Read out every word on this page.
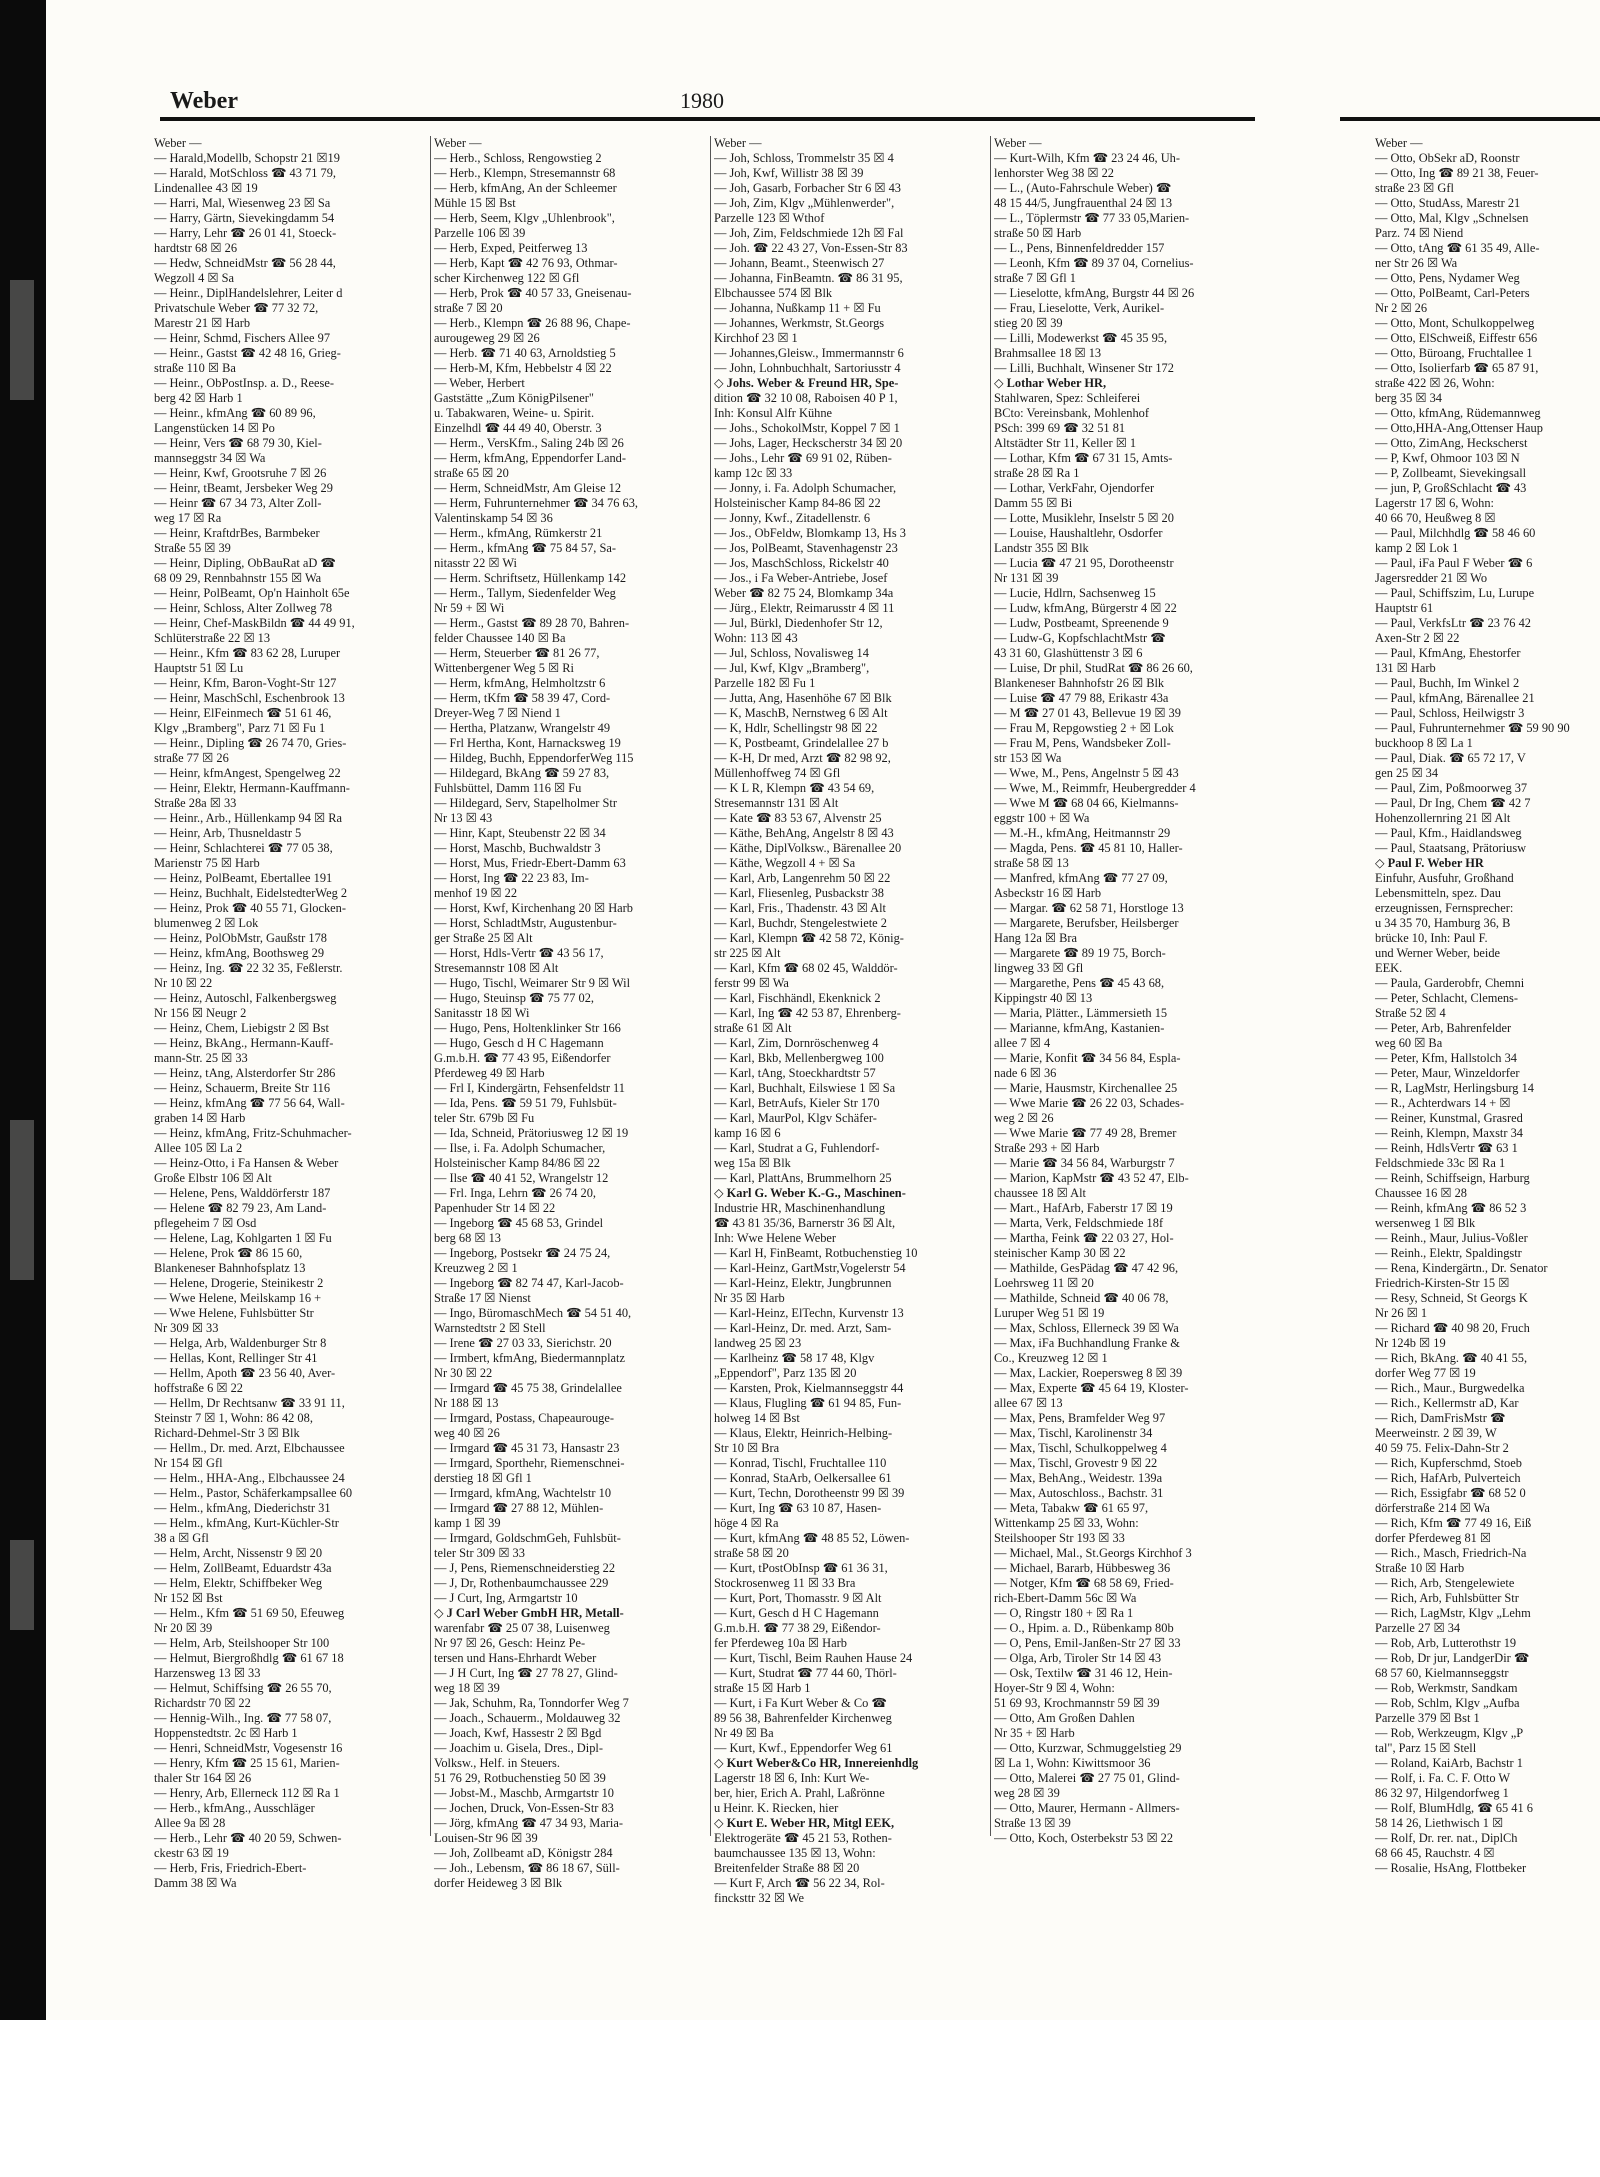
Weber	1980
Weber —
— Harald,Modellb, Schopstr 21 ☒19
— Harald, MotSchloss ☎ 43 71 79,
Lindenallee 43 ☒ 19
— Harri, Mal, Wiesenweg 23 ☒ Sa
— Harry, Gärtn, Sievekingdamm 54
— Harry, Lehr ☎ 26 01 41, Stoeck-
hardtstr 68 ☒ 26
— Hedw, SchneidMstr ☎ 56 28 44,
Wegzoll 4 ☒ Sa
— Heinr., DiplHandelslehrer, Leiter d
Privatschule Weber ☎ 77 32 72,
Marestr 21 ☒ Harb
— Heinr, Schmd, Fischers Allee 97
— Heinr., Gastst ☎ 42 48 16, Grieg-
straße 110 ☒ Ba
— Heinr., ObPostInsp. a. D., Reese-
berg 42 ☒ Harb 1
— Heinr., kfmAng ☎ 60 89 96,
Langenstücken 14 ☒ Po
— Heinr, Vers ☎ 68 79 30, Kiel-
mannseggstr 34 ☒ Wa
— Heinr, Kwf, Grootsruhe 7 ☒ 26
— Heinr, tBeamt, Jersbeker Weg 29
— Heinr ☎ 67 34 73, Alter Zoll-
weg 17 ☒ Ra
— Heinr, KraftdrBes, Barmbeker
Straße 55 ☒ 39
— Heinr, Dipling, ObBauRat aD ☎
68 09 29, Rennbahnstr 155 ☒ Wa
— Heinr, PolBeamt, Op'n Hainholt 65e
— Heinr, Schloss, Alter Zollweg 78
— Heinr, Chef-MaskBildn ☎ 44 49 91,
Schlüterstraße 22 ☒ 13
— Heinr., Kfm ☎ 83 62 28, Luruper
Hauptstr 51 ☒ Lu
— Heinr, Kfm, Baron-Voght-Str 127
— Heinr, MaschSchl, Eschenbrook 13
— Heinr, ElFeinmech ☎ 51 61 46,
Klgv „Bramberg", Parz 71 ☒ Fu 1
— Heinr., Dipling ☎ 26 74 70, Gries-
straße 77 ☒ 26
— Heinr, kfmAngest, Spengelweg 22
— Heinr, Elektr, Hermann-Kauffmann-
Straße 28a ☒ 33
— Heinr., Arb., Hüllenkamp 94 ☒ Ra
— Heinr, Arb, Thusneldastr 5
— Heinr, Schlachterei ☎ 77 05 38,
Marienstr 75 ☒ Harb
— Heinz, PolBeamt, Ebertallee 191
— Heinz, Buchhalt, EidelstedterWeg 2
— Heinz, Prok ☎ 40 55 71, Glocken-
blumenweg 2 ☒ Lok
— Heinz, PolObMstr, Gaußstr 178
— Heinz, kfmAng, Boothsweg 29
— Heinz, Ing. ☎ 22 32 35, Feßlerstr.
Nr 10 ☒ 22
— Heinz, Autoschl, Falkenbergsweg
Nr 156 ☒ Neugr 2
— Heinz, Chem, Liebigstr 2 ☒ Bst
— Heinz, BkAng., Hermann-Kauff-
mann-Str. 25 ☒ 33
— Heinz, tAng, Alsterdorfer Str 286
— Heinz, Schauerm, Breite Str 116
— Heinz, kfmAng ☎ 77 56 64, Wall-
graben 14 ☒ Harb
— Heinz, kfmAng, Fritz-Schuhmacher-
Allee 105 ☒ La 2
— Heinz-Otto, i Fa Hansen & Weber
Große Elbstr 106 ☒ Alt
— Helene, Pens, Walddörferstr 187
— Helene ☎ 82 79 23, Am Land-
pflegeheim 7 ☒ Osd
— Helene, Lag, Kohlgarten 1 ☒ Fu
— Helene, Prok ☎ 86 15 60,
Blankeneser Bahnhofsplatz 13
— Helene, Drogerie, Steinikestr 2
— Wwe Helene, Meilskamp 16 +
— Wwe Helene, Fuhlsbütter Str
Nr 309 ☒ 33
— Helga, Arb, Waldenburger Str 8
— Hellas, Kont, Rellinger Str 41
— Hellm, Apoth ☎ 23 56 40, Aver-
hoffstraße 6 ☒ 22
— Hellm, Dr Rechtsanw ☎ 33 91 11,
Steinstr 7 ☒ 1, Wohn: 86 42 08,
Richard-Dehmel-Str 3 ☒ Blk
— Hellm., Dr. med. Arzt, Elbchaussee
Nr 154 ☒ Gfl
— Helm., HHA-Ang., Elbchaussee 24
— Helm., Pastor, Schäferkampsallee 60
— Helm., kfmAng, Diederichstr 31
— Helm., kfmAng, Kurt-Küchler-Str
38 a ☒ Gfl
— Helm, Archt, Nissenstr 9 ☒ 20
— Helm, ZollBeamt, Eduardstr 43a
— Helm, Elektr, Schiffbeker Weg
Nr 152 ☒ Bst
— Helm., Kfm ☎ 51 69 50, Efeuweg
Nr 20 ☒ 39
— Helm, Arb, Steilshooper Str 100
— Helmut, Biergroßhdlg ☎ 61 67 18
Harzensweg 13 ☒ 33
— Helmut, Schiffsing ☎ 26 55 70,
Richardstr 70 ☒ 22
— Hennig-Wilh., Ing. ☎ 77 58 07,
Hoppenstedtstr. 2c ☒ Harb 1
— Henri, SchneidMstr, Vogesenstr 16
— Henry, Kfm ☎ 25 15 61, Marien-
thaler Str 164 ☒ 26
— Henry, Arb, Ellerneck 112 ☒ Ra 1
— Herb., kfmAng., Ausschläger
Allee 9a ☒ 28
— Herb., Lehr ☎ 40 20 59, Schwen-
ckestr 63 ☒ 19
— Herb, Fris, Friedrich-Ebert-
Damm 38 ☒ Wa
Weber —
— Herb., Schloss, Rengowstieg 2
— Herb., Klempn, Stresemannstr 68
— Herb, kfmAng, An der Schleemer
Mühle 15 ☒ Bst
— Herb, Seem, Klgv „Uhlenbrook",
Parzelle 106 ☒ 39
— Herb, Exped, Peitferweg 13
— Herb, Kapt ☎ 42 76 93, Othmar-
scher Kirchenweg 122 ☒ Gfl
— Herb, Prok ☎ 40 57 33, Gneisenau-
straße 7 ☒ 20
— Herb., Klempn ☎ 26 88 96, Chape-
aurougeweg 29 ☒ 26
— Herb. ☎ 71 40 63, Arnoldstieg 5
— Herb-M, Kfm, Hebbelstr 4 ☒ 22
— Weber, Herbert
Gaststätte „Zum KönigPilsener"
u. Tabakwaren, Weine- u. Spirit.
Einzelhdl ☎ 44 49 40, Oberstr. 3
— Herm., VersKfm., Saling 24b ☒ 26
— Herm, kfmAng, Eppendorfer Land-
straße 65 ☒ 20
— Herm, SchneidMstr, Am Gleise 12
— Herm, Fuhrunternehmer ☎ 34 76 63,
Valentinskamp 54 ☒ 36
— Herm., kfmAng, Rümkerstr 21
— Herm., kfmAng ☎ 75 84 57, Sa-
nitasstr 22 ☒ Wi
— Herm. Schriftsetz, Hüllenkamp 142
— Herm., Tallym, Siedenfelder Weg
Nr 59 + ☒ Wi
— Herm., Gastst ☎ 89 28 70, Bahren-
felder Chaussee 140 ☒ Ba
— Herm, Steuerber ☎ 81 26 77,
Wittenbergener Weg 5 ☒ Ri
— Herm, kfmAng, Helmholtzstr 6
— Herm, tKfm ☎ 58 39 47, Cord-
Dreyer-Weg 7 ☒ Niend 1
— Hertha, Platzanw, Wrangelstr 49
— Frl Hertha, Kont, Harnacksweg 19
— Hildeg, Buchh, EppendorferWeg 115
— Hildegard, BkAng ☎ 59 27 83,
Fuhlsbüttel, Damm 116 ☒ Fu
— Hildegard, Serv, Stapelholmer Str
Nr 13 ☒ 43
— Hinr, Kapt, Steubenstr 22 ☒ 34
— Horst, Maschb, Buchwaldstr 3
— Horst, Mus, Friedr-Ebert-Damm 63
— Horst, Ing ☎ 22 23 83, Im-
menhof 19 ☒ 22
— Horst, Kwf, Kirchenhang 20 ☒ Harb
— Horst, SchladtMstr, Augustenbur-
ger Straße 25 ☒ Alt
— Horst, Hdls-Vertr ☎ 43 56 17,
Stresemannstr 108 ☒ Alt
— Hugo, Tischl, Weimarer Str 9 ☒ Wil
— Hugo, Steuinsp ☎ 75 77 02,
Sanitasstr 18 ☒ Wi
— Hugo, Pens, Holtenklinker Str 166
— Hugo, Gesch d H C Hagemann
G.m.b.H. ☎ 77 43 95, Eißendorfer
Pferdeweg 49 ☒ Harb
— Frl I, Kindergärtn, Fehsenfeldstr 11
— Ida, Pens. ☎ 59 51 79, Fuhlsbüt-
teler Str. 679b ☒ Fu
— Ida, Schneid, Prätoriusweg 12 ☒ 19
— Ilse, i. Fa. Adolph Schumacher,
Holsteinischer Kamp 84/86 ☒ 22
— Ilse ☎ 40 41 52, Wrangelstr 12
— Frl. Inga, Lehrn ☎ 26 74 20,
Papenhuder Str 14 ☒ 22
— Ingeborg ☎ 45 68 53, Grindel
berg 68 ☒ 13
— Ingeborg, Postsekr ☎ 24 75 24,
Kreuzweg 2 ☒ 1
— Ingeborg ☎ 82 74 47, Karl-Jacob-
Straße 17 ☒ Nienst
— Ingo, BüromaschMech ☎ 54 51 40,
Warnstedtstr 2 ☒ Stell
— Irene ☎ 27 03 33, Sierichstr. 20
— Irmbert, kfmAng, Biedermannplatz
Nr 30 ☒ 22
— Irmgard ☎ 45 75 38, Grindelallee
Nr 188 ☒ 13
— Irmgard, Postass, Chapeaurouge-
weg 40 ☒ 26
— Irmgard ☎ 45 31 73, Hansastr 23
— Irmgard, Sporthehr, Riemenschnei-
derstieg 18 ☒ Gfl 1
— Irmgard, kfmAng, Wachtelstr 10
— Irmgard ☎ 27 88 12, Mühlen-
kamp 1 ☒ 39
— Irmgard, GoldschmGeh, Fuhlsbüt-
teler Str 309 ☒ 33
— J, Pens, Riemenschneiderstieg 22
— J, Dr, Rothenbaumchaussee 229
— J Curt, Ing, Armgartstr 10
◇ J Carl Weber GmbH HR, Metall-
warenfabr ☎ 25 07 38, Luisenweg
Nr 97 ☒ 26, Gesch: Heinz Pe-
tersen und Hans-Ehrhardt Weber
— J H Curt, Ing ☎ 27 78 27, Glind-
weg 18 ☒ 39
— Jak, Schuhm, Ra, Tonndorfer Weg 7
— Joach., Schauerm., Moldauweg 32
— Joach, Kwf, Hassestr 2 ☒ Bgd
— Joachim u. Gisela, Dres., Dipl-
Volksw., Helf. in Steuers.
51 76 29, Rotbuchenstieg 50 ☒ 39
— Jobst-M., Maschb, Armgartstr 10
— Jochen, Druck, Von-Essen-Str 83
— Jörg, kfmAng ☎ 47 34 93, Maria-
Louisen-Str 96 ☒ 39
— Joh, Zollbeamt aD, Königstr 284
— Joh., Lebensm, ☎ 86 18 67, Süll-
dorfer Heideweg 3 ☒ Blk
Weber —
— Joh, Schloss, Trommelstr 35 ☒ 4
— Joh, Kwf, Willistr 38 ☒ 39
— Joh, Gasarb, Forbacher Str 6 ☒ 43
— Joh, Zim, Klgv „Mühlenwerder",
Parzelle 123 ☒ Wthof
— Joh, Zim, Feldschmiede 12h ☒ Fal
— Joh. ☎ 22 43 27, Von-Essen-Str 83
— Johann, Beamt., Steenwisch 27
— Johanna, FinBeamtn. ☎ 86 31 95,
Elbchaussee 574 ☒ Blk
— Johanna, Nußkamp 11 + ☒ Fu
— Johannes, Werkmstr, St.Georgs
Kirchhof 23 ☒ 1
— Johannes,Gleisw., Immermannstr 6
— John, Lohnbuchhalt, Sartoriusstr 4
◇ Johs. Weber & Freund HR, Spe-
dition ☎ 32 10 08, Raboisen 40 P 1,
Inh: Konsul Alfr Kühne
— Johs., SchokolMstr, Koppel 7 ☒ 1
— Johs, Lager, Heckscherstr 34 ☒ 20
— Johs., Lehr ☎ 69 91 02, Rüben-
kamp 12c ☒ 33
— Jonny, i. Fa. Adolph Schumacher,
Holsteinischer Kamp 84-86 ☒ 22
— Jonny, Kwf., Zitadellenstr. 6
— Jos., ObFeldw, Blomkamp 13, Hs 3
— Jos, PolBeamt, Stavenhagenstr 23
— Jos, MaschSchloss, Rickelstr 40
— Jos., i Fa Weber-Antriebe, Josef
Weber ☎ 82 75 24, Blomkamp 34a
— Jürg., Elektr, Reimarusstr 4 ☒ 11
— Jul, Bürkl, Diedenhofer Str 12,
Wohn: 113 ☒ 43
— Jul, Schloss, Novalisweg 14
— Jul, Kwf, Klgv „Bramberg",
Parzelle 182 ☒ Fu 1
— Jutta, Ang, Hasenhöhe 67 ☒ Blk
— K, MaschB, Nernstweg 6 ☒ Alt
— K, Hdlr, Schellingstr 98 ☒ 22
— K, Postbeamt, Grindelallee 27 b
— K-H, Dr med, Arzt ☎ 82 98 92,
Müllenhoffweg 74 ☒ Gfl
— K L R, Klempn ☎ 43 54 69,
Stresemannstr 131 ☒ Alt
— Kate ☎ 83 53 67, Alvenstr 25
— Käthe, BehAng, Angelstr 8 ☒ 43
— Käthe, DiplVolksw., Bärenallee 20
— Käthe, Wegzoll 4 + ☒ Sa
— Karl, Arb, Langenrehm 50 ☒ 22
— Karl, Fliesenleg, Pusbackstr 38
— Karl, Fris., Thadenstr. 43 ☒ Alt
— Karl, Buchdr, Stengelestwiete 2
— Karl, Klempn ☎ 42 58 72, König-
str 225 ☒ Alt
— Karl, Kfm ☎ 68 02 45, Walddör-
ferstr 99 ☒ Wa
— Karl, Fischhändl, Ekenknick 2
— Karl, Ing ☎ 42 53 87, Ehrenberg-
straße 61 ☒ Alt
— Karl, Zim, Dornröschenweg 4
— Karl, Bkb, Mellenbergweg 100
— Karl, tAng, Stoeckhardtstr 57
— Karl, Buchhalt, Eilswiese 1 ☒ Sa
— Karl, BetrAufs, Kieler Str 170
— Karl, MaurPol, Klgv Schäfer-
kamp 16 ☒ 6
— Karl, Studrat a G, Fuhlendorf-
weg 15a ☒ Blk
— Karl, PlattAns, Brummelhorn 25
◇ Karl G. Weber K.-G., Maschinen-
Industrie HR, Maschinenhandlung
☎ 43 81 35/36, Barnerstr 36 ☒ Alt,
Inh: Wwe Helene Weber
— Karl H, FinBeamt, Rotbuchenstieg 10
— Karl-Heinz, GartMstr,Vogelerstr 54
— Karl-Heinz, Elektr, Jungbrunnen
Nr 35 ☒ Harb
— Karl-Heinz, ElTechn, Kurvenstr 13
— Karl-Heinz, Dr. med. Arzt, Sam-
landweg 25 ☒ 23
— Karlheinz ☎ 58 17 48, Klgv
„Eppendorf", Parz 135 ☒ 20
— Karsten, Prok, Kielmannseggstr 44
— Klaus, Flugling ☎ 61 94 85, Fun-
holweg 14 ☒ Bst
— Klaus, Elektr, Heinrich-Helbing-
Str 10 ☒ Bra
— Konrad, Tischl, Fruchtallee 110
— Konrad, StaArb, Oelkersallee 61
— Kurt, Techn, Dorotheenstr 99 ☒ 39
— Kurt, Ing ☎ 63 10 87, Hasen-
höge 4 ☒ Ra
— Kurt, kfmAng ☎ 48 85 52, Löwen-
straße 58 ☒ 20
— Kurt, tPostObInsp ☎ 61 36 31,
Stockrosenweg 11 ☒ 33 Bra
— Kurt, Port, Thomasstr. 9 ☒ Alt
— Kurt, Gesch d H C Hagemann
G.m.b.H. ☎ 77 38 29, Eißendor-
fer Pferdeweg 10a ☒ Harb
— Kurt, Tischl, Beim Rauhen Hause 24
— Kurt, Studrat ☎ 77 44 60, Thörl-
straße 15 ☒ Harb 1
— Kurt, i Fa Kurt Weber & Co ☎
89 56 38, Bahrenfelder Kirchenweg
Nr 49 ☒ Ba
— Kurt, Kwf., Eppendorfer Weg 61
◇ Kurt Weber&Co HR, Innereienhdlg
Lagerstr 18 ☒ 6, Inh: Kurt We-
ber, hier, Erich A. Prahl, Laßrönne
u Heinr. K. Riecken, hier
◇ Kurt E. Weber HR, Mitgl EEK,
Elektrogeräte ☎ 45 21 53, Rothen-
baumchaussee 135 ☒ 13, Wohn:
Breitenfelder Straße 88 ☒ 20
— Kurt F, Arch ☎ 56 22 34, Rol-
fincksttr 32 ☒ We
Weber —
— Kurt-Wilh, Kfm ☎ 23 24 46, Uh-
lenhorster Weg 38 ☒ 22
— L., (Auto-Fahrschule Weber) ☎
48 15 44/5, Jungfrauenthal 24 ☒ 13
— L., Töplermstr ☎ 77 33 05,Marien-
straße 50 ☒ Harb
— L., Pens, Binnenfeldredder 157
— Leonh, Kfm ☎ 89 37 04, Cornelius-
straße 7 ☒ Gfl 1
— Lieselotte, kfmAng, Burgstr 44 ☒ 26
— Frau, Lieselotte, Verk, Aurikel-
stieg 20 ☒ 39
— Lilli, Modewerkst ☎ 45 35 95,
Brahmsallee 18 ☒ 13
— Lilli, Buchhalt, Winsener Str 172
◇ Lothar Weber HR,
Stahlwaren, Spez: Schleiferei
BCto: Vereinsbank, Mohlenhof
PSch: 399 69 ☎ 32 51 81
Altstädter Str 11, Keller ☒ 1
— Lothar, Kfm ☎ 67 31 15, Amts-
straße 28 ☒ Ra 1
— Lothar, VerkFahr, Ojendorfer
Damm 55 ☒ Bi
— Lotte, Musiklehr, Inselstr 5 ☒ 20
— Louise, Haushaltlehr, Osdorfer
Landstr 355 ☒ Blk
— Lucia ☎ 47 21 95, Dorotheenstr
Nr 131 ☒ 39
— Lucie, Hdlrn, Sachsenweg 15
— Ludw, kfmAng, Bürgerstr 4 ☒ 22
— Ludw, Postbeamt, Spreenende 9
— Ludw-G, KopfschlachtMstr ☎
43 31 60, Glashüttenstr 3 ☒ 6
— Luise, Dr phil, StudRat ☎ 86 26 60,
Blankeneser Bahnhofstr 26 ☒ Blk
— Luise ☎ 47 79 88, Erikastr 43a
— M ☎ 27 01 43, Bellevue 19 ☒ 39
— Frau M, Repgowstieg 2 + ☒ Lok
— Frau M, Pens, Wandsbeker Zoll-
str 153 ☒ Wa
— Wwe, M., Pens, Angelnstr 5 ☒ 43
— Wwe, M., Reimmfr, Heubergredder 4
— Wwe M ☎ 68 04 66, Kielmanns-
eggstr 100 + ☒ Wa
— M.-H., kfmAng, Heitmannstr 29
— Magda, Pens. ☎ 45 81 10, Haller-
straße 58 ☒ 13
— Manfred, kfmAng ☎ 77 27 09,
Asbeckstr 16 ☒ Harb
— Margar. ☎ 62 58 71, Horstloge 13
— Margarete, Berufsber, Heilsberger
Hang 12a ☒ Bra
— Margarete ☎ 89 19 75, Borch-
lingweg 33 ☒ Gfl
— Margarethe, Pens ☎ 45 43 68,
Kippingstr 40 ☒ 13
— Maria, Plätter., Lämmersieth 15
— Marianne, kfmAng, Kastanien-
allee 7 ☒ 4
— Marie, Konfit ☎ 34 56 84, Espla-
nade 6 ☒ 36
— Marie, Hausmstr, Kirchenallee 25
— Wwe Marie ☎ 26 22 03, Schades-
weg 2 ☒ 26
— Wwe Marie ☎ 77 49 28, Bremer
Straße 293 + ☒ Harb
— Marie ☎ 34 56 84, Warburgstr 7
— Marion, KapMstr ☎ 43 52 47, Elb-
chaussee 18 ☒ Alt
— Mart., HafArb, Faberstr 17 ☒ 19
— Marta, Verk, Feldschmiede 18f
— Martha, Feink ☎ 22 03 27, Hol-
steinischer Kamp 30 ☒ 22
— Mathilde, GesPädag ☎ 47 42 96,
Loehrsweg 11 ☒ 20
— Mathilde, Schneid ☎ 40 06 78,
Luruper Weg 51 ☒ 19
— Max, Schloss, Ellerneck 39 ☒ Wa
— Max, iFa Buchhandlung Franke &
Co., Kreuzweg 12 ☒ 1
— Max, Lackier, Roepersweg 8 ☒ 39
— Max, Experte ☎ 45 64 19, Kloster-
allee 67 ☒ 13
— Max, Pens, Bramfelder Weg 97
— Max, Tischl, Karolinenstr 34
— Max, Tischl, Schulkoppelweg 4
— Max, Tischl, Grovestr 9 ☒ 22
— Max, BehAng., Weidestr. 139a
— Max, Autoschloss., Bachstr. 31
— Meta, Tabakw ☎ 61 65 97,
Wittenkamp 25 ☒ 33, Wohn:
Steilshooper Str 193 ☒ 33
— Michael, Mal., St.Georgs Kirchhof 3
— Michael, Bararb, Hübbesweg 36
— Notger, Kfm ☎ 68 58 69, Fried-
rich-Ebert-Damm 56c ☒ Wa
— O, Ringstr 180 + ☒ Ra 1
— O., Hpim. a. D., Rübenkamp 80b
— O, Pens, Emil-Janßen-Str 27 ☒ 33
— Olga, Arb, Tiroler Str 14 ☒ 43
— Osk, Textilw ☎ 31 46 12, Hein-
Hoyer-Str 9 ☒ 4, Wohn:
51 69 93, Krochmannstr 59 ☒ 39
— Otto, Am Großen Dahlen
Nr 35 + ☒ Harb
— Otto, Kurzwar, Schmuggelstieg 29
☒ La 1, Wohn: Kiwittsmoor 36
— Otto, Malerei ☎ 27 75 01, Glind-
weg 28 ☒ 39
— Otto, Maurer, Hermann - Allmers-
Straße 13 ☒ 39
— Otto, Koch, Osterbekstr 53 ☒ 22
Weber —
— Otto, ObSekr aD, Roonstr
— Otto, Ing ☎ 89 21 38, Feuer-
straße 23 ☒ Gfl
— Otto, StudAss, Marestr 21
— Otto, Mal, Klgv „Schnelsen
Parz. 74 ☒ Niend
— Otto, tAng ☎ 61 35 49, Alle-
ner Str 26 ☒ Wa
— Otto, Pens, Nydamer Weg
— Otto, PolBeamt, Carl-Peters
Nr 2 ☒ 26
— Otto, Mont, Schulkoppelweg
— Otto, ElSchweiß, Eiffestr 656
— Otto, Büroang, Fruchtallee 1
— Otto, Isolierfarb ☎ 65 87 91,
straße 422 ☒ 26, Wohn:
berg 35 ☒ 34
— Otto, kfmAng, Rüdemannweg
— Otto,HHA-Ang,Ottenser Haup
— Otto, ZimAng, Heckscherst
— P, Kwf, Ohmoor 103 ☒ N
— P, Zollbeamt, Sievekingsall
— jun, P, GroßSchlacht ☎ 43
Lagerstr 17 ☒ 6, Wohn:
40 66 70, Heußweg 8 ☒
— Paul, Milchhdlg ☎ 58 46 60
kamp 2 ☒ Lok 1
— Paul, iFa Paul F Weber ☎ 6
Jagersredder 21 ☒ Wo
— Paul, Schiffszim, Lu, Lurupe
Hauptstr 61
— Paul, VerkfsLtr ☎ 23 76 42
Axen-Str 2 ☒ 22
— Paul, KfmAng, Ehestorfer
131 ☒ Harb
— Paul, Buchh, Im Winkel 2
— Paul, kfmAng, Bärenallee 21
— Paul, Schloss, Heilwigstr 3
— Paul, Fuhrunternehmer ☎ 59 90 90
buckhoop 8 ☒ La 1
— Paul, Diak. ☎ 65 72 17, V
gen 25 ☒ 34
— Paul, Zim, Poßmoorweg 37
— Paul, Dr Ing, Chem ☎ 42 7
Hohenzollernring 21 ☒ Alt
— Paul, Kfm., Haidlandsweg
— Paul, Staatsang, Prätoriusw
◇ Paul F. Weber HR
Einfuhr, Ausfuhr, Großhand
Lebensmitteln, spez. Dau
erzeugnissen, Fernsprecher:
u 34 35 70, Hamburg 36, B
brücke 10, Inh: Paul F.
und Werner Weber, beide
EEK.
— Paula, Garderobfr, Chemni
— Peter, Schlacht, Clemens-
Straße 52 ☒ 4
— Peter, Arb, Bahrenfelder
weg 60 ☒ Ba
— Peter, Kfm, Hallstolch 34
— Peter, Maur, Winzeldorfer
— R, LagMstr, Herlingsburg 14
— R., Achterdwars 14 + ☒
— Reiner, Kunstmal, Grasred
— Reinh, Klempn, Maxstr 34
— Reinh, HdlsVertr ☎ 63 1
Feldschmiede 33c ☒ Ra 1
— Reinh, Schiffseign, Harburg
Chaussee 16 ☒ 28
— Reinh, kfmAng ☎ 86 52 3
wersenweg 1 ☒ Blk
— Reinh., Maur, Julius-Voßler
— Reinh., Elektr, Spaldingstr
— Rena, Kindergärtn., Dr. Senator
Friedrich-Kirsten-Str 15 ☒
— Resy, Schneid, St Georgs K
Nr 26 ☒ 1
— Richard ☎ 40 98 20, Fruch
Nr 124b ☒ 19
— Rich, BkAng. ☎ 40 41 55,
dorfer Weg 77 ☒ 19
— Rich., Maur., Burgwedelka
— Rich., Kellermstr aD, Kar
— Rich, DamFrisMstr ☎
Meerweinstr. 2 ☒ 39, W
40 59 75. Felix-Dahn-Str 2
— Rich, Kupferschmd, Stoeb
— Rich, HafArb, Pulverteich
— Rich, Essigfabr ☎ 68 52 0
dörferstraße 214 ☒ Wa
— Rich, Kfm ☎ 77 49 16, Eiß
dorfer Pferdeweg 81 ☒
— Rich., Masch, Friedrich-Na
Straße 10 ☒ Harb
— Rich, Arb, Stengelewiete
— Rich, Arb, Fuhlsbütter Str
— Rich, LagMstr, Klgv „Lehm
Parzelle 27 ☒ 34
— Rob, Arb, Lutterothstr 19
— Rob, Dr jur, LandgerDir ☎
68 57 60, Kielmannseggstr
— Rob, Werkmstr, Sandkam
— Rob, Schlm, Klgv „Aufba
Parzelle 379 ☒ Bst 1
— Rob, Werkzeugm, Klgv „P
tal", Parz 15 ☒ Stell
— Roland, KaiArb, Bachstr 1
— Rolf, i. Fa. C. F. Otto W
86 32 97, Hilgendorfweg 1
— Rolf, BlumHdlg, ☎ 65 41 6
58 14 26, Liethwisch 1 ☒
— Rolf, Dr. rer. nat., DiplCh
68 66 45, Rauchstr. 4 ☒
— Rosalie, HsAng, Flottbeker
